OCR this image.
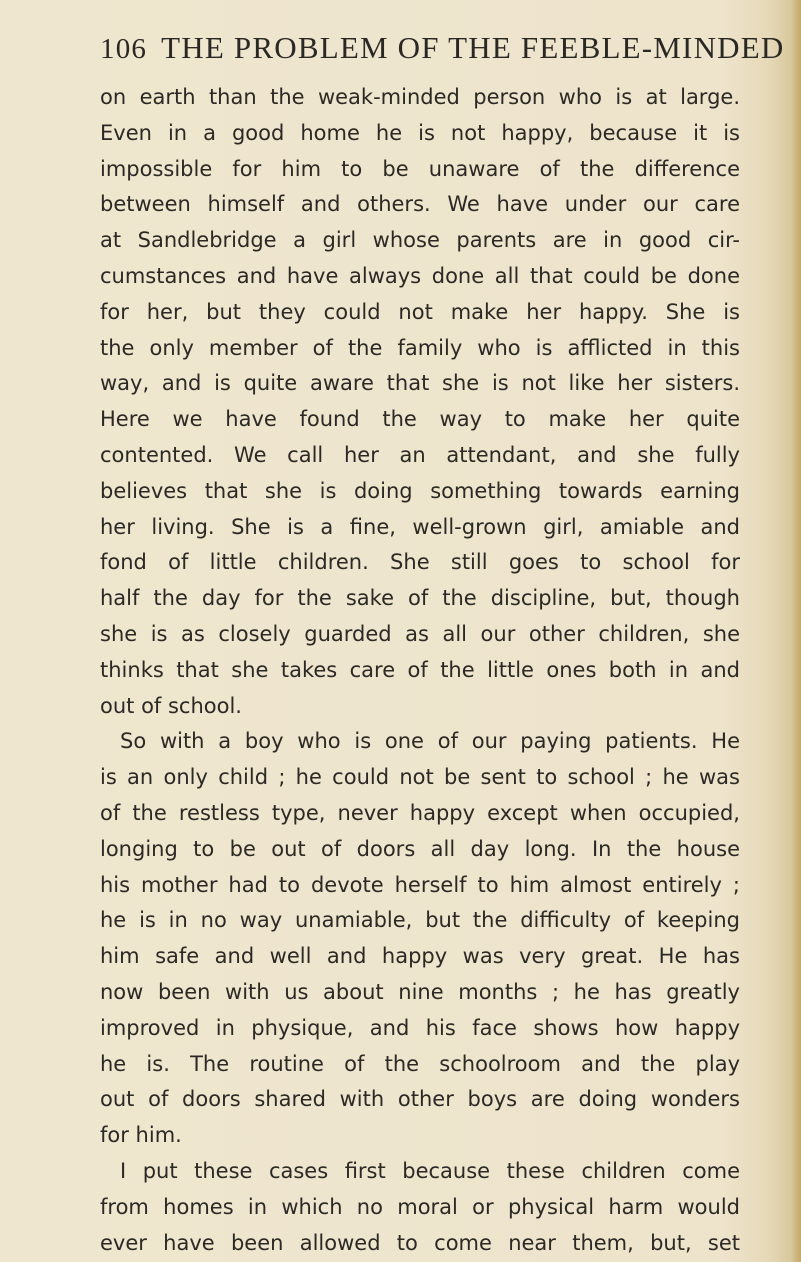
106 THE PROBLEM OF THE FEEBLE-MINDED
on earth than the weak-minded person who is at large.
Even in a good home he is not happy, because it is
impossible for him to be unaware of the difference
between himself and others. We have under our care
at Sandlebridge a girl whose parents are in good cir-
cumstances and have always done all that could be done
for her, but they could not make her happy. She is
the only member of the family who is afflicted in this
way, and is quite aware that she is not like her sisters.
Here we have found the way to make her quite
contented. We call her an attendant, and she fully
believes that she is doing something towards earning
her living. She is a fine, well-grown girl, amiable and
fond of little children. She still goes to school for
half the day for the sake of the discipline, but, though
she is as closely guarded as all our other children, she
thinks that she takes care of the little ones both in and
out of school.
So with a boy who is one of our paying patients. He
is an only child ; he could not be sent to school ; he was
of the restless type, never happy except when occupied,
longing to be out of doors all day long. In the house
his mother had to devote herself to him almost entirely ;
he is in no way unamiable, but the difficulty of keeping
him safe and well and happy was very great. He has
now been with us about nine months ; he has greatly
improved in physique, and his face shows how happy
he is. The routine of the schoolroom and the play
out of doors shared with other boys are doing wonders
for him.
I put these cases first because these children come
from homes in which no moral or physical harm would
ever have been allowed to come near them, but, set
